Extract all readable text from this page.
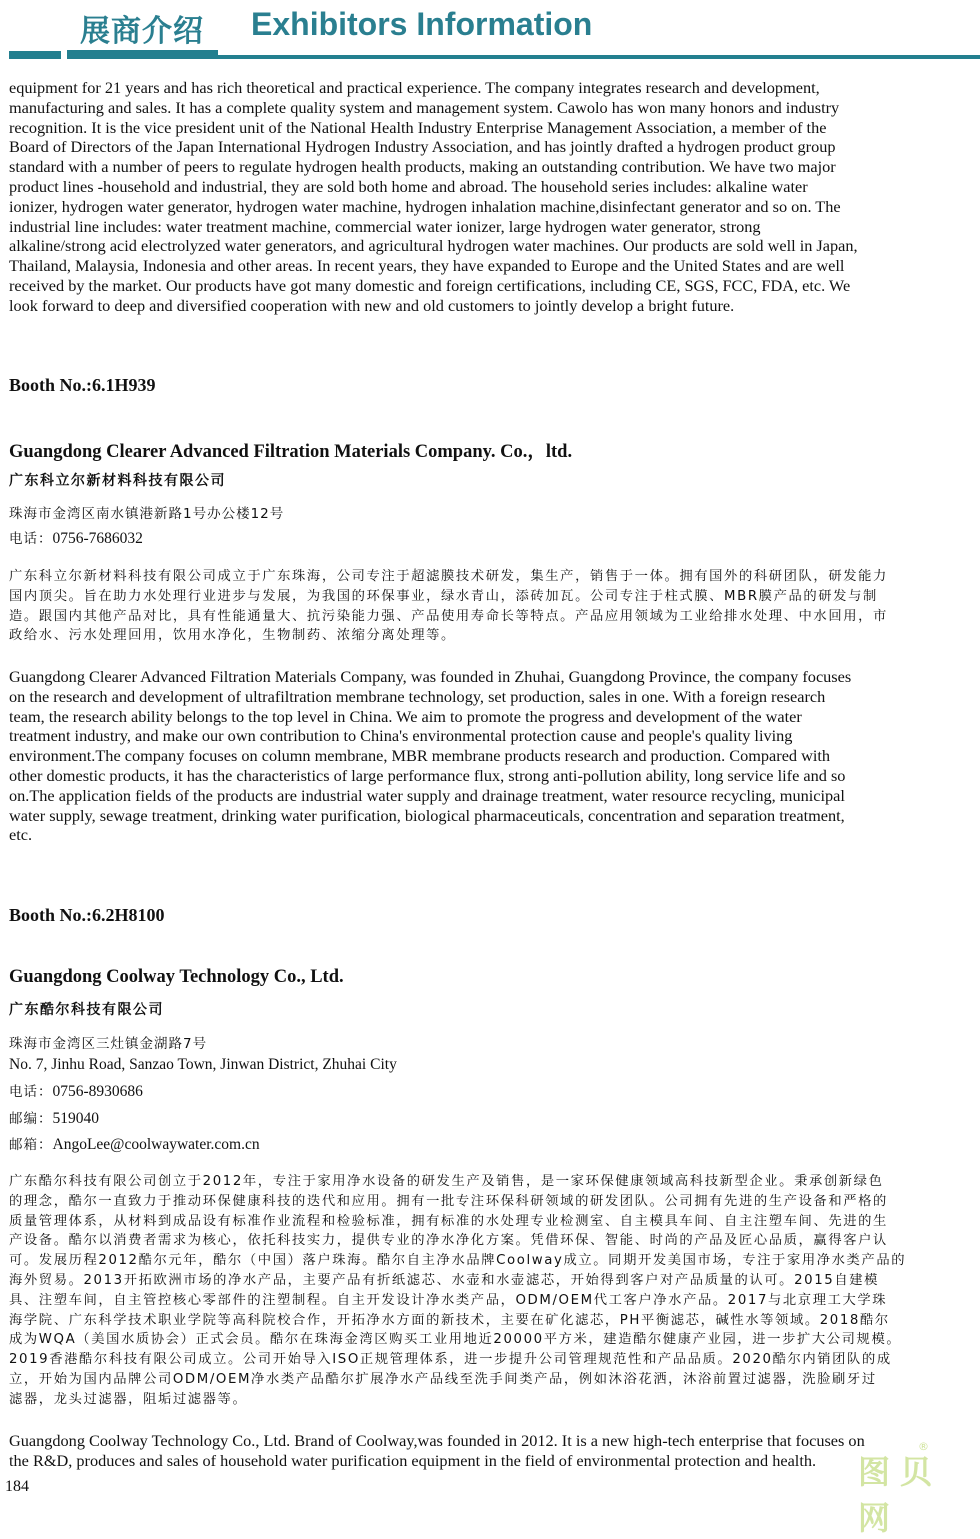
展商介绍 Exhibitors Information

equipment for 21 years and has rich theoretical and practical experience. The company integrates research and development,

manufacturing and sales. It has a complete quality system and management system. Cawolo has won many honors and industry

recognition. It is the vice president unit of the National Health Industry Enterprise Management Association, a member of the

Board of Directors of the Japan International Hydrogen Industry Association, and has jointly drafted a hydrogen product group

standard with a number of peers to regulate hydrogen health products, making an outstanding contribution. We have two major

product lines -household and industrial, they are sold both home and abroad. The household series includes: alkaline water

ionizer, hydrogen water generator, hydrogen water machine, hydrogen inhalation machine,disinfectant generator and so on. The

industrial line includes: water treatment machine, commercial water ionizer, large hydrogen water generator, strong

alkaline/strong acid electrolyzed water generators, and agricultural hydrogen water machines. Our products are sold well in Japan,

Thailand, Malaysia, Indonesia and other areas. In recent years, they have expanded to Europe and the United States and are well

received by the market. Our products have got many domestic and foreign certifications, including CE, SGS, FCC, FDA, etc. We

look forward to deep and diversified cooperation with new and old customers to jointly develop a bright future.

Booth No.:6.1H939

Guangdong Clearer Advanced Filtration Materials Company. Co.，ltd.

广东科立尔新材料科技有限公司

珠海市金湾区南水镇港新路1号办公楼12号

电话：0756-7686032

广东科立尔新材料科技有限公司成立于广东珠海，公司专注于超滤膜技术研发，集生产，销售于一体。拥有国外的科研团队，研发能力

国内顶尖。旨在助力水处理行业进步与发展，为我国的环保事业，绿水青山，添砖加瓦。公司专注于柱式膜、MBR膜产品的研发与制

造。跟国内其他产品对比，具有性能通量大、抗污染能力强、产品使用寿命长等特点。产品应用领域为工业给排水处理、中水回用，市

政给水、污水处理回用，饮用水净化，生物制药、浓缩分离处理等。

Guangdong Clearer Advanced Filtration Materials Company, was founded in Zhuhai, Guangdong Province, the company focuses

on the research and development of ultrafiltration membrane technology, set production, sales in one. With a foreign research

team, the research ability belongs to the top level in China. We aim to promote the progress and development of the water

treatment industry, and make our own contribution to China's environmental protection cause and people's quality living

environment.The company focuses on column membrane, MBR membrane products research and production. Compared with

other domestic products, it has the characteristics of large performance flux, strong anti-pollution ability, long service life and so

on.The application fields of the products are industrial water supply and drainage treatment, water resource recycling, municipal

water supply, sewage treatment, drinking water purification, biological pharmaceuticals, concentration and separation treatment,

etc.

Booth No.:6.2H8100

Guangdong Coolway Technology Co., Ltd.

广东酷尔科技有限公司

珠海市金湾区三灶镇金湖路7号

No. 7, Jinhu Road, Sanzao Town, Jinwan District, Zhuhai City

电话：0756-8930686

邮编：519040

邮箱：AngoLee@coolwaywater.com.cn

广东酷尔科技有限公司创立于2012年，专注于家用净水设备的研发生产及销售，是一家环保健康领域高科技新型企业。秉承创新绿色

的理念，酷尔一直致力于推动环保健康科技的迭代和应用。拥有一批专注环保科研领域的研发团队。公司拥有先进的生产设备和严格的

质量管理体系，从材料到成品设有标准作业流程和检验标准，拥有标准的水处理专业检测室、自主模具车间、自主注塑车间、先进的生

产设备。酷尔以消费者需求为核心，依托科技实力，提供专业的净水净化方案。凭借环保、智能、时尚的产品及匠心品质，赢得客户认

可。发展历程2012酷尔元年，酷尔（中国）落户珠海。酷尔自主净水品牌Coolway成立。同期开发美国市场，专注于家用净水类产品的

海外贸易。2013开拓欧洲市场的净水产品，主要产品有折纸滤芯、水壶和水壶滤芯，开始得到客户对产品质量的认可。2015自建模

具、注塑车间，自主管控核心零部件的注塑制程。自主开发设计净水类产品，ODM/OEM代工客户净水产品。2017与北京理工大学珠

海学院、广东科学技术职业学院等高科院校合作，开拓净水方面的新技术，主要在矿化滤芯，PH平衡滤芯，碱性水等领域。2018酷尔

成为WQA（美国水质协会）正式会员。酷尔在珠海金湾区购买工业用地近20000平方米，建造酷尔健康产业园，进一步扩大公司规模。

2019香港酷尔科技有限公司成立。公司开始导入ISO正规管理体系，进一步提升公司管理规范性和产品品质。2020酷尔内销团队的成

立，开始为国内品牌公司ODM/OEM净水类产品酷尔扩展净水产品线至洗手间类产品，例如沐浴花洒，沐浴前置过滤器，洗脸刷牙过

滤器，龙头过滤器，阻垢过滤器等。

Guangdong Coolway Technology Co., Ltd. Brand of Coolway,was founded in 2012. It is a new high-tech enterprise that focuses on

the R&D, produces and sales of household water purification equipment in the field of environmental protection and health.

184	图贝网
®
